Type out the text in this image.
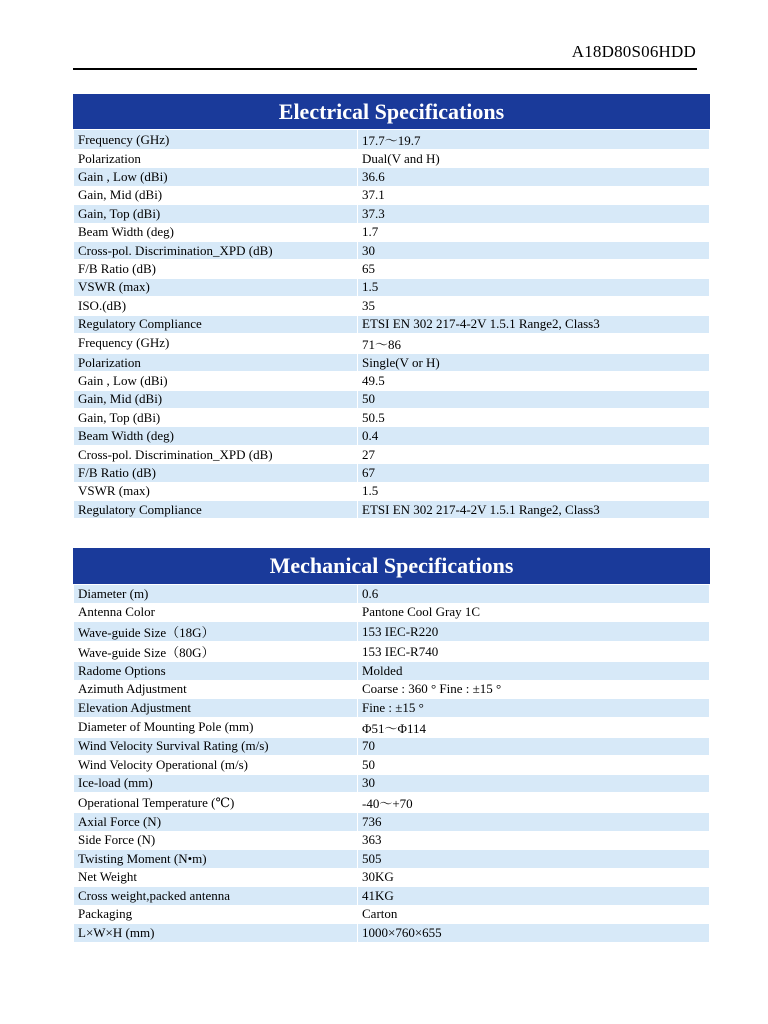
A18D80S06HDD
Electrical Specifications
Frequency (GHz)	17.7～19.7
Polarization	Dual(V and H)
Gain , Low (dBi)	36.6
Gain, Mid (dBi)	37.1
Gain, Top (dBi)	37.3
Beam Width (deg)	1.7
Cross-pol. Discrimination_XPD (dB)	30
F/B Ratio (dB)	65
VSWR (max)	1.5
ISO.(dB)	35
Regulatory Compliance	ETSI EN 302 217-4-2V 1.5.1 Range2, Class3
Frequency (GHz)	71～86
Polarization	Single(V or H)
Gain , Low (dBi)	49.5
Gain, Mid (dBi)	50
Gain, Top (dBi)	50.5
Beam Width (deg)	0.4
Cross-pol. Discrimination_XPD (dB)	27
F/B Ratio (dB)	67
VSWR (max)	1.5
Regulatory Compliance	ETSI EN 302 217-4-2V 1.5.1 Range2, Class3
Mechanical Specifications
Diameter (m)	0.6
Antenna Color	Pantone Cool Gray 1C
Wave-guide Size（18G）	153 IEC-R220
Wave-guide Size（80G）	153 IEC-R740
Radome Options	Molded
Azimuth Adjustment	Coarse : 360 ° Fine : ±15 °
Elevation Adjustment	Fine : ±15 °
Diameter of Mounting Pole (mm)	Φ51～Φ114
Wind Velocity Survival Rating (m/s)	70
Wind Velocity Operational (m/s)	50
Ice-load (mm)	30
Operational Temperature (℃)	-40～+70
Axial Force (N)	736
Side Force (N)	363
Twisting Moment (N•m)	505
Net Weight	30KG
Cross weight,packed antenna	41KG
Packaging	Carton
L×W×H (mm)	1000×760×655
